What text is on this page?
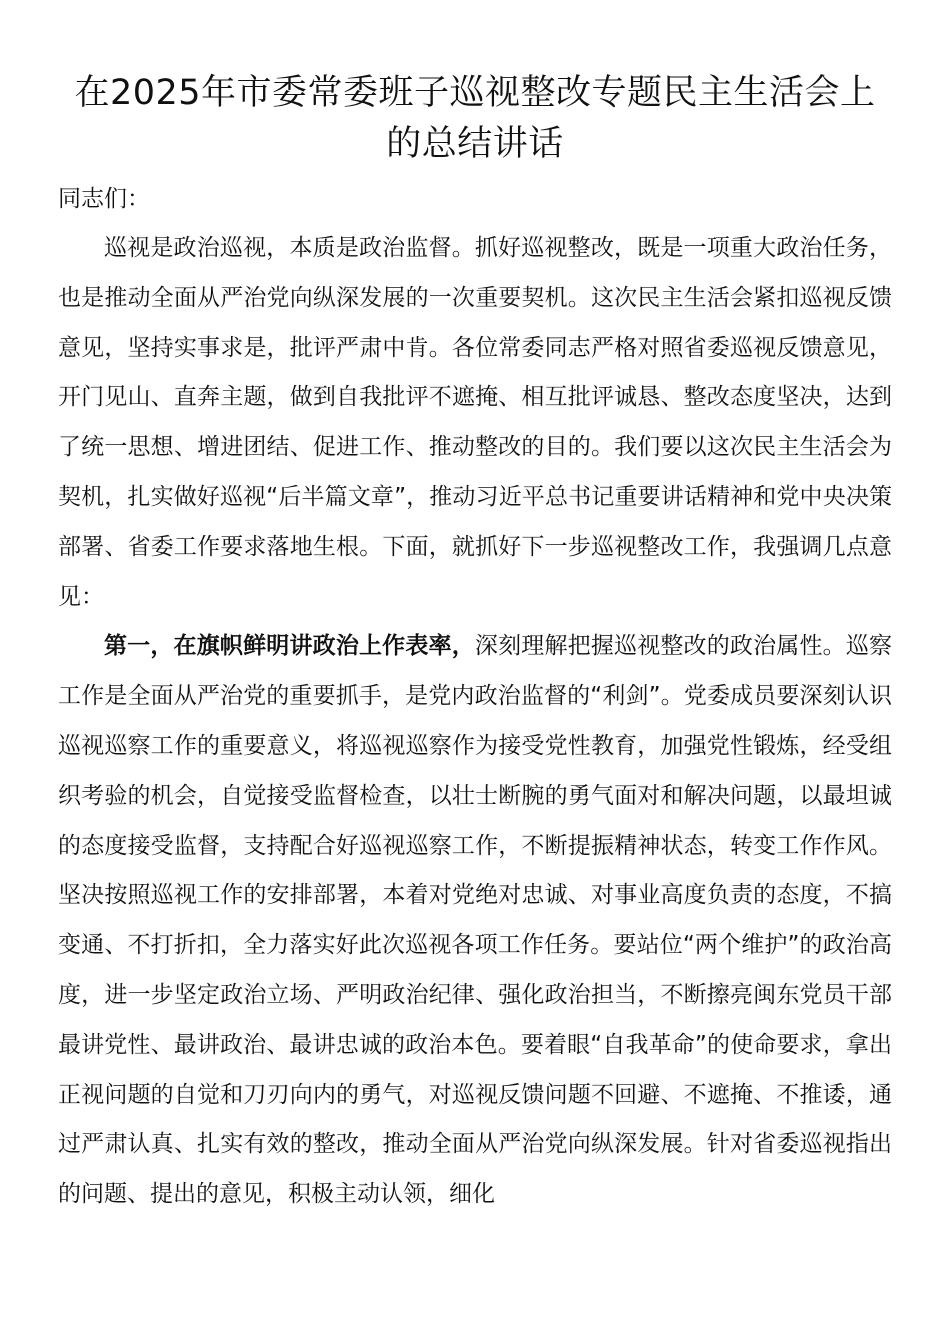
在2025年市委常委班子巡视整改专题民主生活会上的总结讲话

同志们：

巡视是政治巡视，本质是政治监督。抓好巡视整改，既是一项重大政治任务，也是推动全面从严治党向纵深发展的一次重要契机。这次民主生活会紧扣巡视反馈意见，坚持实事求是，批评严肃中肯。各位常委同志严格对照省委巡视反馈意见，开门见山、直奔主题，做到自我批评不遮掩、相互批评诚恳、整改态度坚决，达到了统一思想、增进团结、促进工作、推动整改的目的。我们要以这次民主生活会为契机，扎实做好巡视“后半篇文章”，推动习近平总书记重要讲话精神和党中央决策部署、省委工作要求落地生根。下面，就抓好下一步巡视整改工作，我强调几点意见：

第一，在旗帜鲜明讲政治上作表率，深刻理解把握巡视整改的政治属性。巡察工作是全面从严治党的重要抓手，是党内政治监督的“利剑”。党委成员要深刻认识巡视巡察工作的重要意义，将巡视巡察作为接受党性教育，加强党性锻炼，经受组织考验的机会，自觉接受监督检查，以壮士断腕的勇气面对和解决问题，以最坦诚的态度接受监督，支持配合好巡视巡察工作，不断提振精神状态，转变工作作风。坚决按照巡视工作的安排部署，本着对党绝对忠诚、对事业高度负责的态度，不搞变通、不打折扣，全力落实好此次巡视各项工作任务。要站位“两个维护”的政治高度，进一步坚定政治立场、严明政治纪律、强化政治担当，不断擦亮闽东党员干部最讲党性、最讲政治、最讲忠诚的政治本色。要着眼“自我革命”的使命要求，拿出正视问题的自觉和刀刃向内的勇气，对巡视反馈问题不回避、不遮掩、不推诿，通过严肃认真、扎实有效的整改，推动全面从严治党向纵深发展。针对省委巡视指出的问题、提出的意见，积极主动认领，细化
